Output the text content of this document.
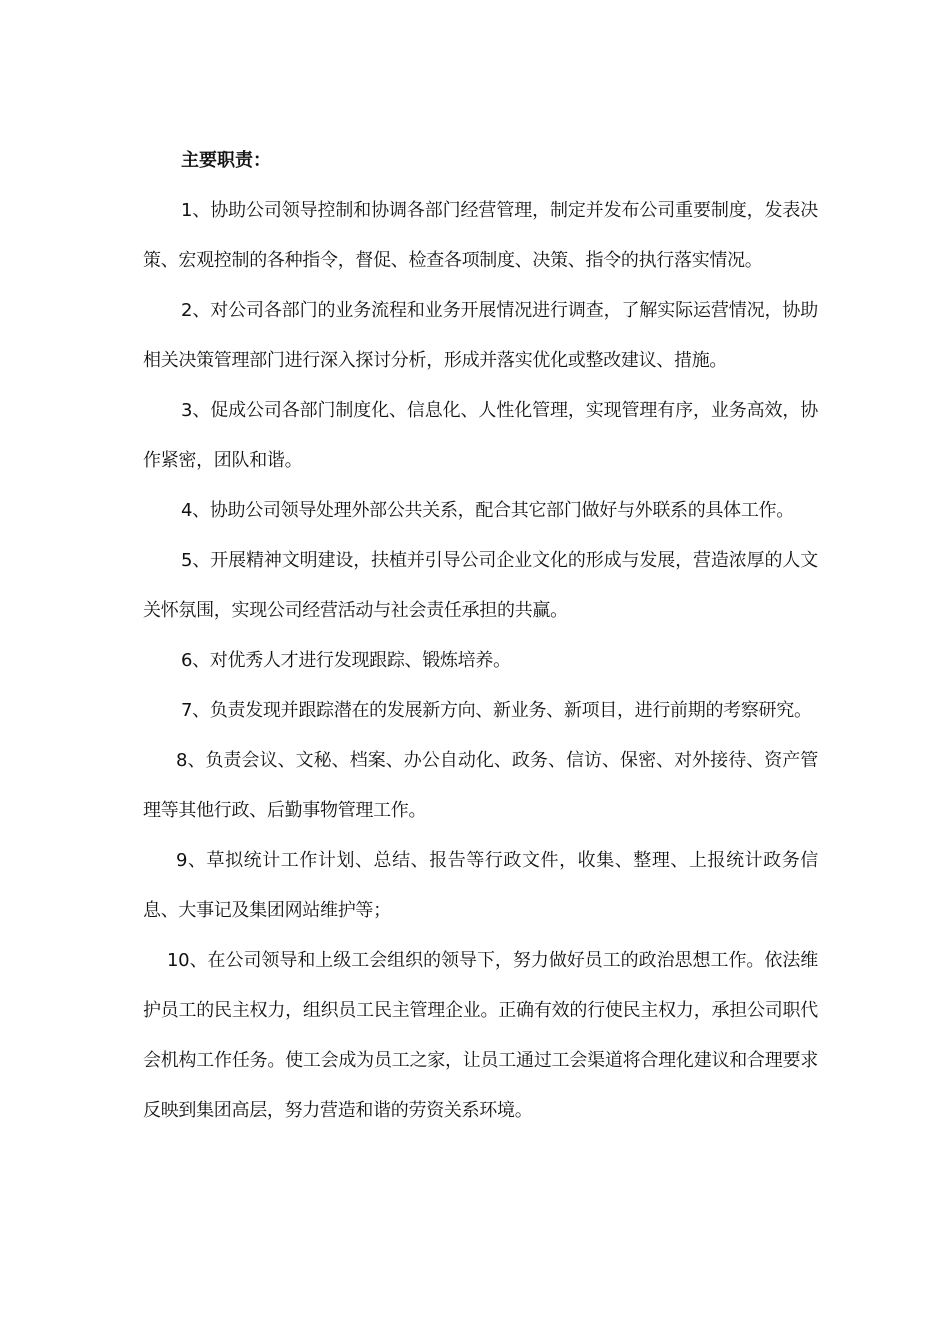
主要职责：

1、协助公司领导控制和协调各部门经营管理，制定并发布公司重要制度，发表决策、宏观控制的各种指令，督促、检查各项制度、决策、指令的执行落实情况。

2、对公司各部门的业务流程和业务开展情况进行调查，了解实际运营情况，协助相关决策管理部门进行深入探讨分析，形成并落实优化或整改建议、措施。

3、促成公司各部门制度化、信息化、人性化管理，实现管理有序，业务高效，协作紧密，团队和谐。

4、协助公司领导处理外部公共关系，配合其它部门做好与外联系的具体工作。

5、开展精神文明建设，扶植并引导公司企业文化的形成与发展，营造浓厚的人文关怀氛围，实现公司经营活动与社会责任承担的共赢。

6、对优秀人才进行发现跟踪、锻炼培养。

7、负责发现并跟踪潜在的发展新方向、新业务、新项目，进行前期的考察研究。

8、负责会议、文秘、档案、办公自动化、政务、信访、保密、对外接待、资产管理等其他行政、后勤事物管理工作。

9、草拟统计工作计划、总结、报告等行政文件，收集、整理、上报统计政务信息、大事记及集团网站维护等；

10、在公司领导和上级工会组织的领导下，努力做好员工的政治思想工作。依法维护员工的民主权力，组织员工民主管理企业。正确有效的行使民主权力，承担公司职代会机构工作任务。使工会成为员工之家，让员工通过工会渠道将合理化建议和合理要求反映到集团高层，努力营造和谐的劳资关系环境。
